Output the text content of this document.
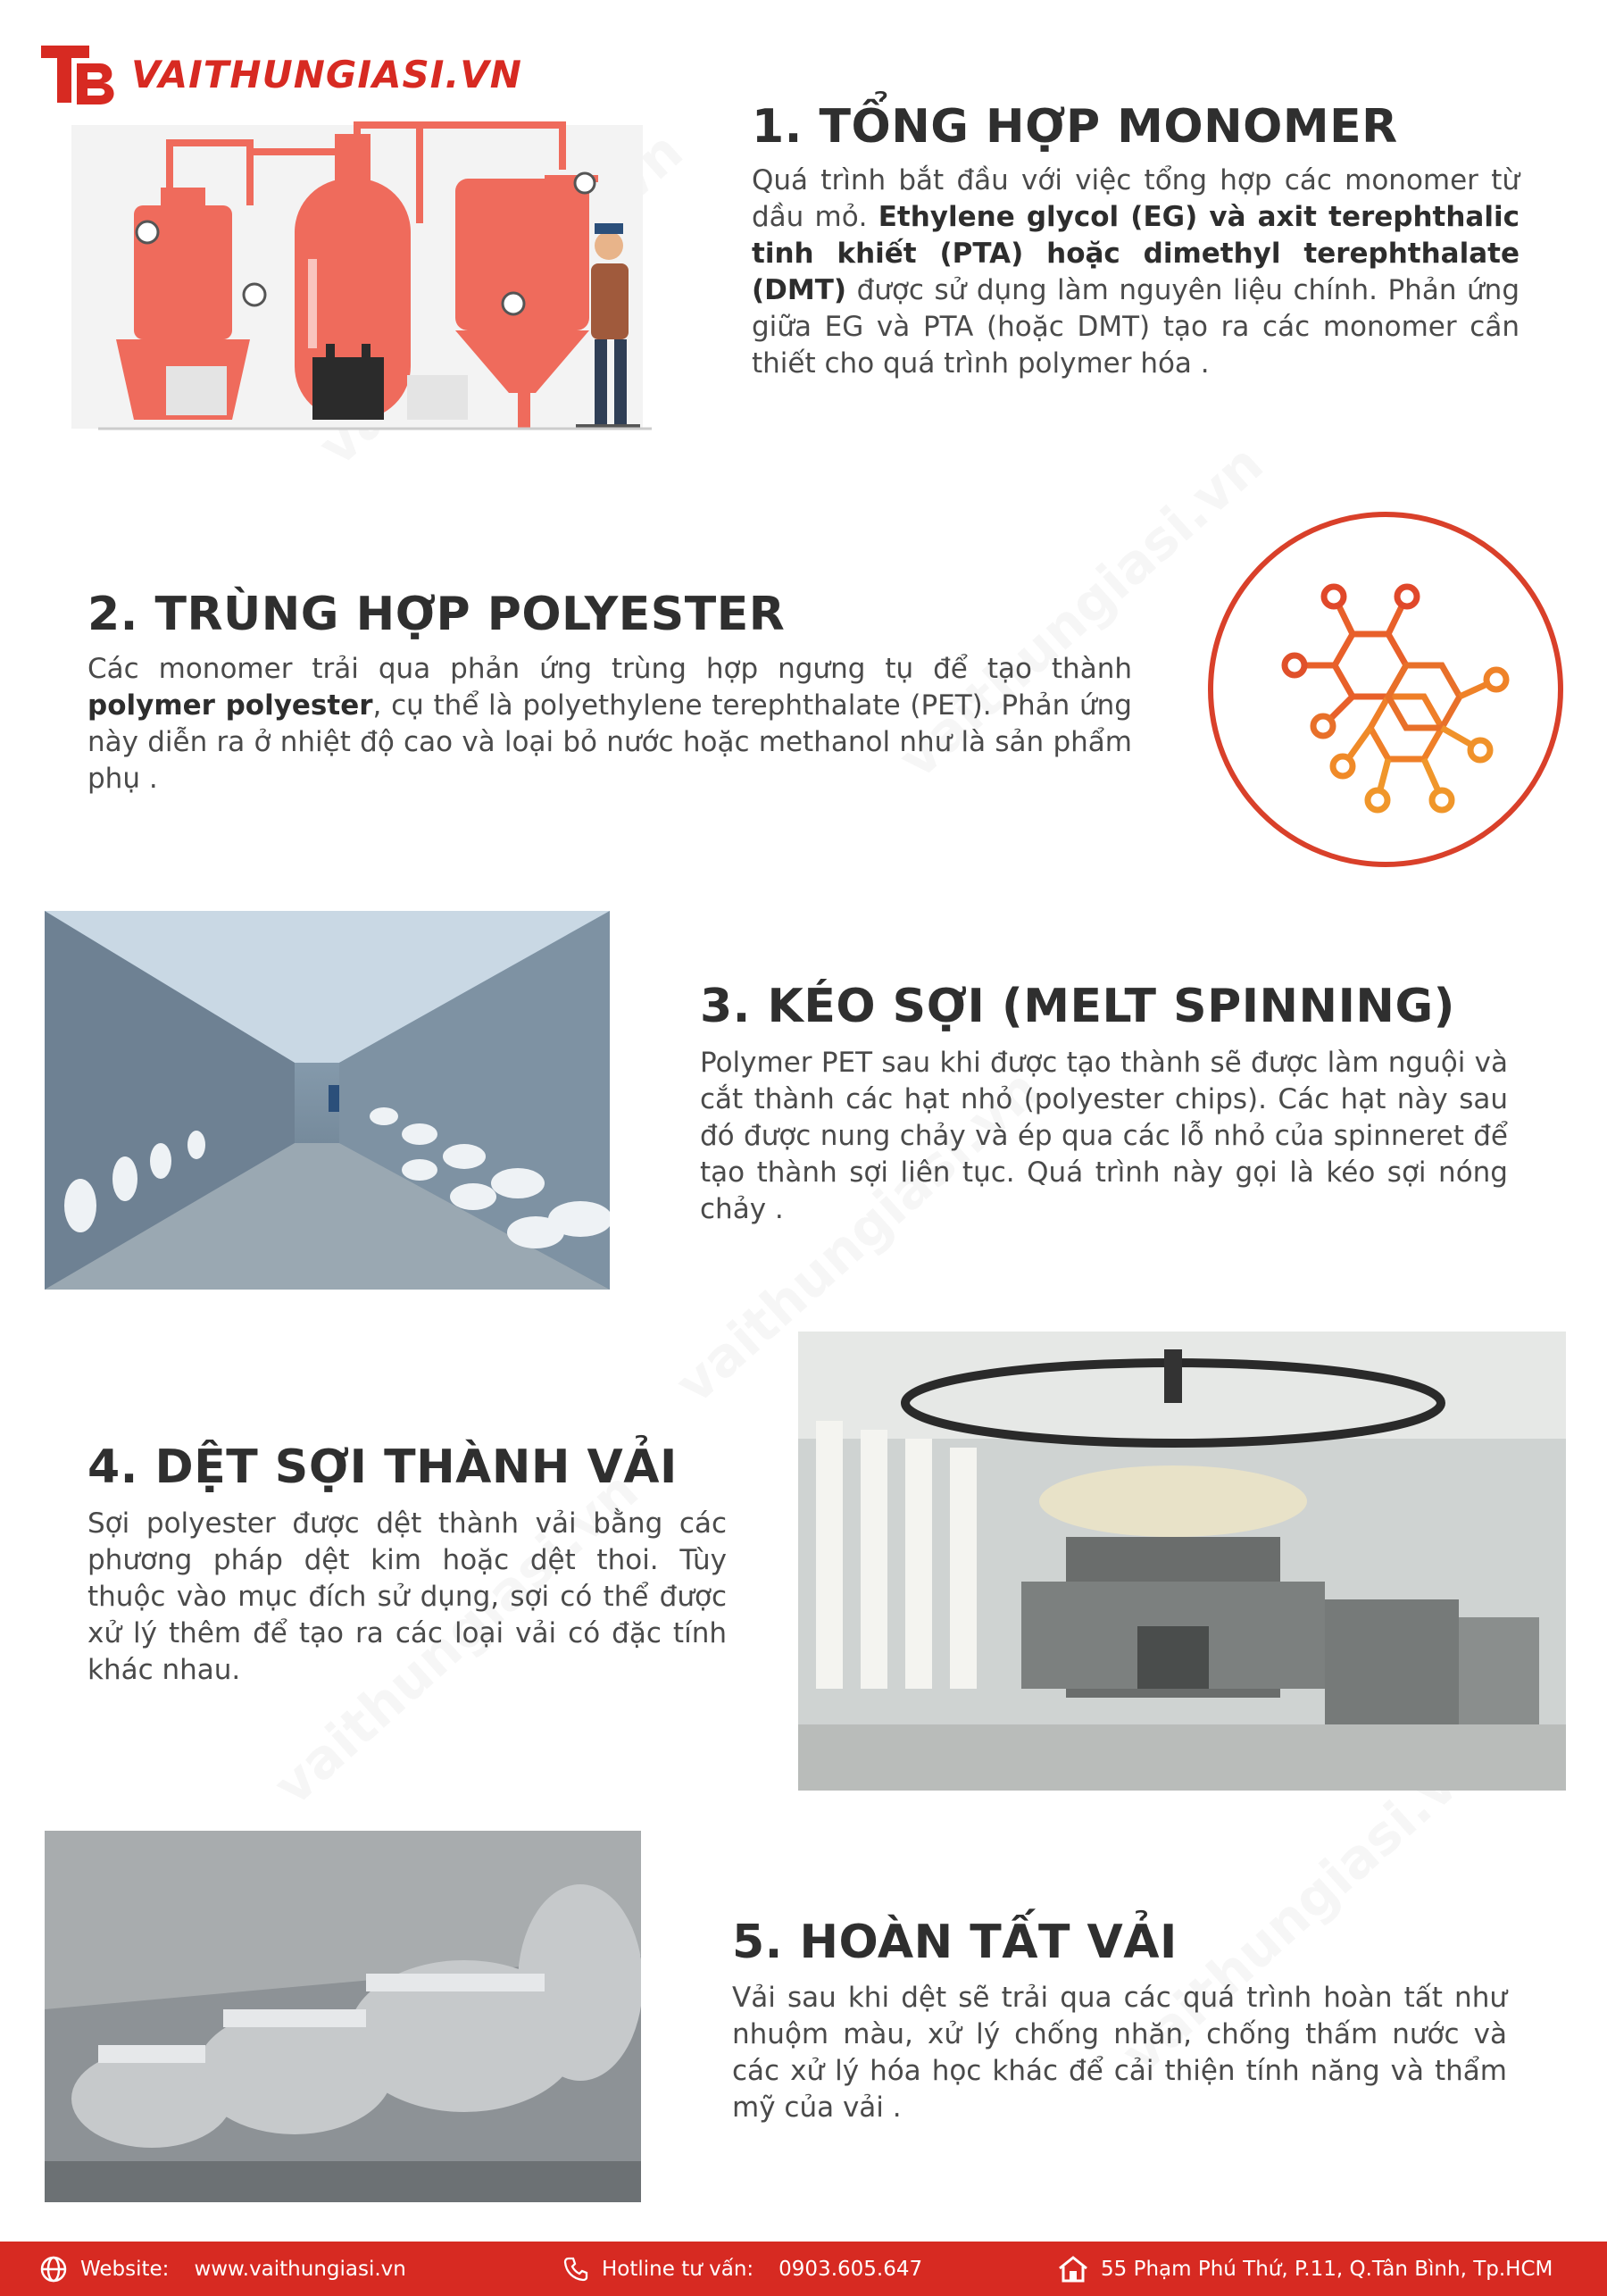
VAITHUNGIASI.VN
1. TỔNG HỢP MONOMER

Quá trình bắt đầu với việc tổng hợp các monomer từ dầu mỏ. Ethylene glycol (EG) và axit terephthalic tinh khiết (PTA) hoặc dimethyl terephthalate (DMT) được sử dụng làm nguyên liệu chính. Phản ứng giữa EG và PTA (hoặc DMT) tạo ra các monomer cần thiết cho quá trình polymer hóa .

2. TRÙNG HỢP POLYESTER

Các monomer trải qua phản ứng trùng hợp ngưng tụ để tạo thành polymer polyester, cụ thể là polyethylene terephthalate (PET). Phản ứng này diễn ra ở nhiệt độ cao và loại bỏ nước hoặc methanol như là sản phẩm phụ .

3. KÉO SỢI (MELT SPINNING)

Polymer PET sau khi được tạo thành sẽ được làm nguội và cắt thành các hạt nhỏ (polyester chips). Các hạt này sau đó được nung chảy và ép qua các lỗ nhỏ của spinneret để tạo thành sợi liên tục. Quá trình này gọi là kéo sợi nóng chảy .

4. DỆT SỢI THÀNH VẢI

Sợi polyester được dệt thành vải bằng các phương pháp dệt kim hoặc dệt thoi. Tùy thuộc vào mục đích sử dụng, sợi có thể được xử lý thêm để tạo ra các loại vải có đặc tính khác nhau.

5. HOÀN TẤT VẢI

Vải sau khi dệt sẽ trải qua các quá trình hoàn tất như nhuộm màu, xử lý chống nhăn, chống thấm nước và các xử lý hóa học khác để cải thiện tính năng và thẩm mỹ của vải .

Website: www.vaithungiasi.vn	Hotline tư vấn: 0903.605.647	55 Phạm Phú Thứ, P.11, Q.Tân Bình, Tp.HCM
